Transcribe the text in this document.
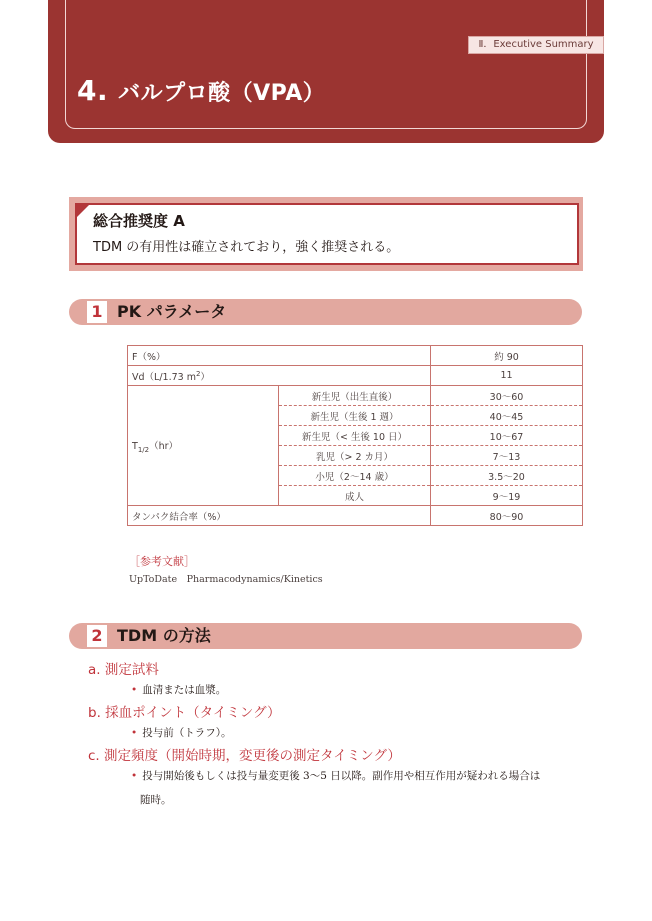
Ⅱ．Executive Summary
4. バルプロ酸（VPA）
総合推奨度 A
TDM の有用性は確立されており，強く推奨される。
1 PK パラメータ
F（%）		約 90
Vd（L/1.73 $m^2$）		11
$T_{1/2}(hr)$	新生児（出生直後）	30〜60
	新生児（生後 1 週）	40〜45
	新生児（< 生後 10 日）	10〜67
	乳児（> 2 カ月）	7〜13
	小児（2〜14 歳）	3.5〜20
	成人	9〜19
タンパク結合率（%）		80〜90
［参考文献］
UpToDate　Pharmacodynamics/Kinetics
2 TDM の方法
a. 測定試料
• 血清または血漿。
b. 採血ポイント（タイミング）
• 投与前（トラフ）。
c. 測定頻度（開始時期，変更後の測定タイミング）
• 投与開始後もしくは投与量変更後 3〜5 日以降。副作用や相互作用が疑われる場合は
随時。
